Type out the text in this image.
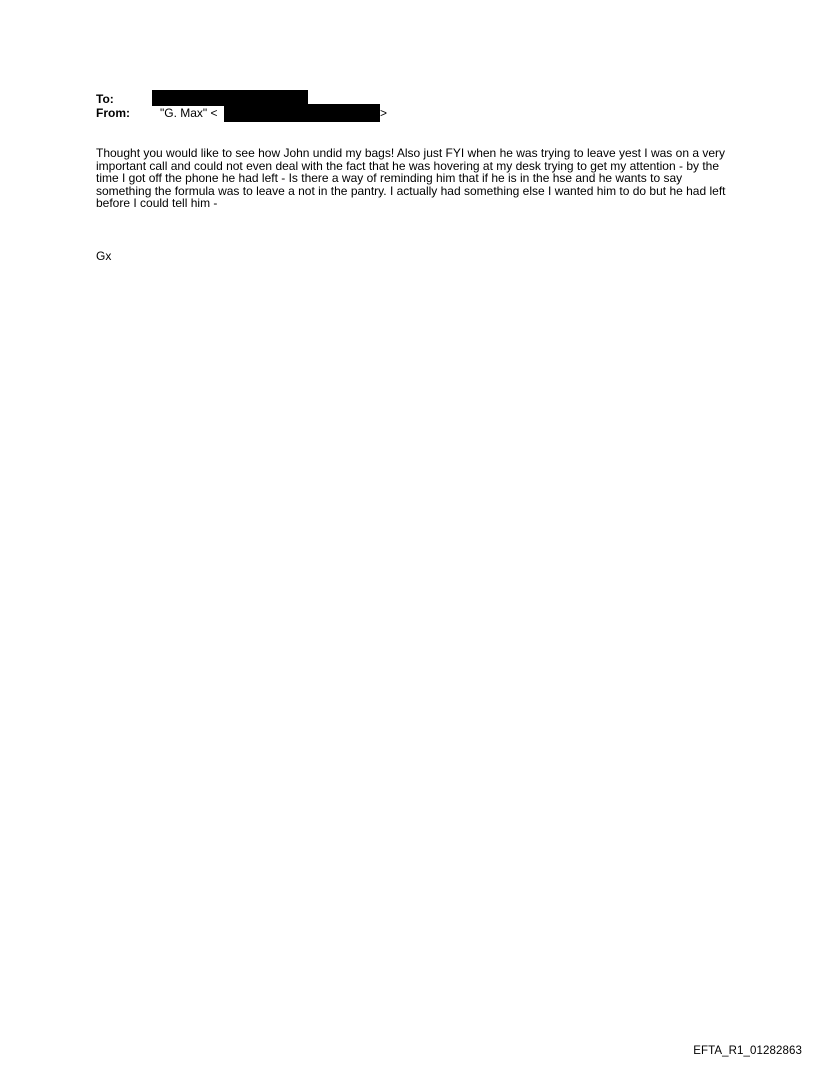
To:
From:	"G. Max" <	>

Thought you would like to see how John undid my bags! Also just FYI when he was trying to leave yest I was on a very important call and could not even deal with the fact that he was hovering at my desk trying to get my attention - by the time I got off the phone he had left - Is there a way of reminding him that if he is in the hse and he wants to say something the formula was to leave a not in the pantry. I actually had something else I wanted him to do but he had left before I could tell him -

Gx

EFTA_R1_01282863
